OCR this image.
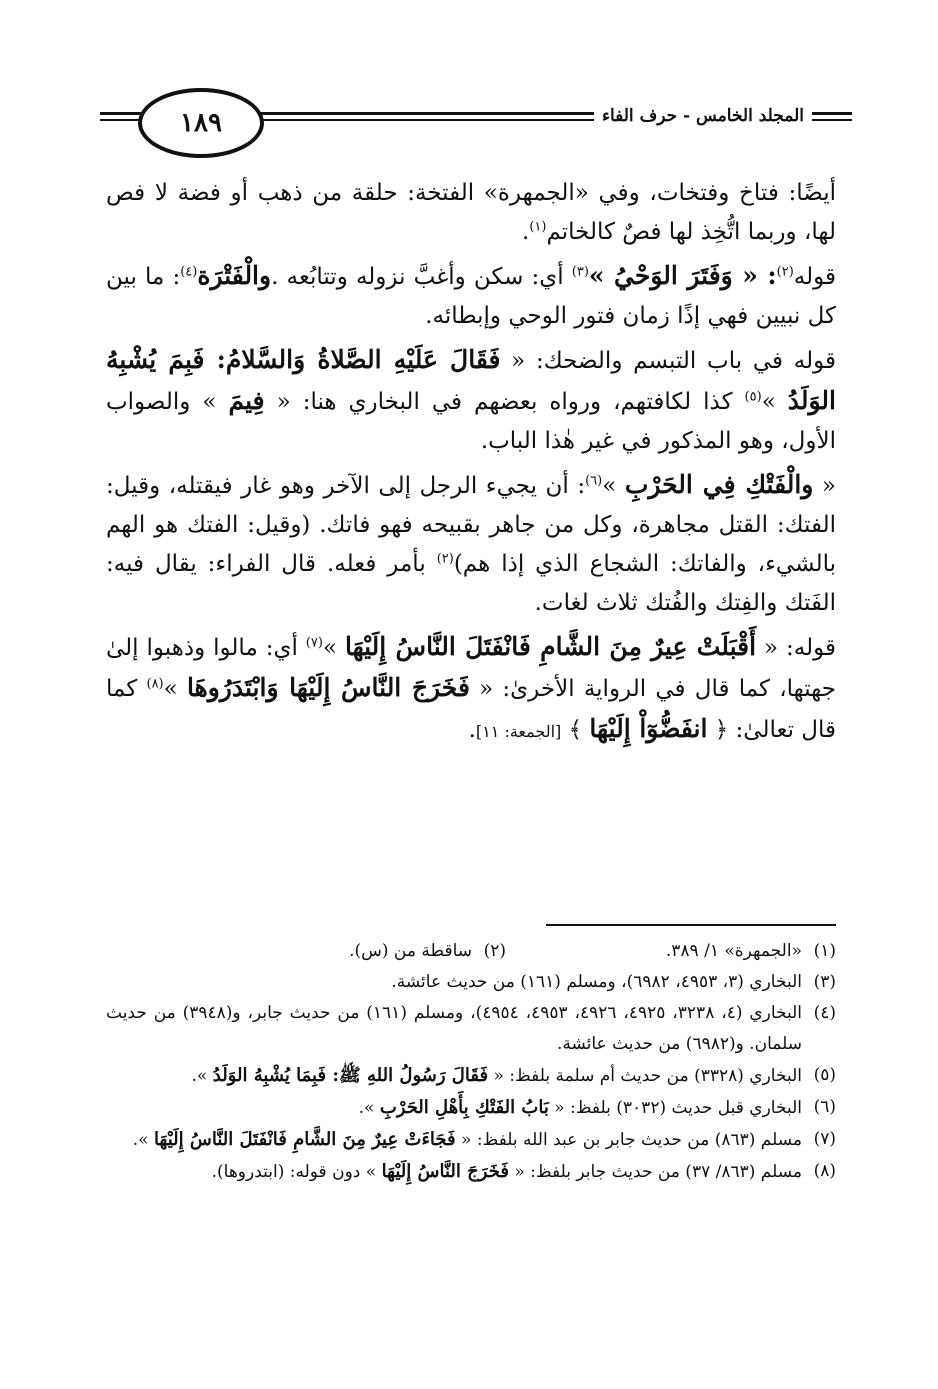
المجلد الخامس - حرف الفاء
١٨٩

أيضًا: فتاخ وفتخات، وفي «الجمهرة» الفتخة: حلقة من ذهب أو فضة لا فص لها، وربما اتُّخِذ لها فصٌ كالخاتم$^{(١)}$.

قوله$^{(٢)}$: « وَفَتَرَ الوَحْيُ »$^{(٣)}$ أي: سكن وأغبَّ نزوله وتتابُعه .والْفَتْرَة$^{(٤)}$: ما بين كل نبيين فهي إذًا زمان فتور الوحي وإبطائه.

قوله في باب التبسم والضحك: « فَقَالَ عَلَيْهِ الصَّلاةُ وَالسَّلامُ: فَبِمَ يُشْبِهُ الوَلَدُ »$^{(٥)}$ كذا لكافتهم، ورواه بعضهم في البخاري هنا: « فِيمَ » والصواب الأول، وهو المذكور في غير هٰذا الباب.

« والْفَتْكِ فِي الحَرْبِ »$^{(٦)}$: أن يجيء الرجل إلى الآخر وهو غار فيقتله، وقيل: الفتك: القتل مجاهرة، وكل من جاهر بقبيحه فهو فاتك. (وقيل: الفتك هو الهم بالشيء، والفاتك: الشجاع الذي إذا هم)$^{(٢)}$ بأمر فعله. قال الفراء: يقال فيه: الفَتك والفِتك والفُتك ثلاث لغات.

قوله: « أَقْبَلَتْ عِيرٌ مِنَ الشَّامِ فَانْفَتَلَ النَّاسُ إِلَيْهَا »$^{(٧)}$ أي: مالوا وذهبوا إلىٰ جهتها، كما قال في الرواية الأخرىٰ: « فَخَرَجَ النَّاسُ إِلَيْهَا وَابْتَدَرُوهَا »$^{(٨)}$ كما قال تعالىٰ: ﴿ انفَضُّوٓاْ إِلَيْهَا ﴾ [الجمعة: ١١].

(١)
«الجمهرة» ١/ ٣٨٩.
(٢)
ساقطة من (س).
(٣)
البخاري (٣، ٤٩٥٣، ٦٩٨٢)، ومسلم (١٦١) من حديث عائشة.
(٤)
البخاري (٤، ٣٢٣٨، ٤٩٢٥، ٤٩٢٦، ٤٩٥٣، ٤٩٥٤)، ومسلم (١٦١) من حديث جابر، و(٣٩٤٨) من حديث سلمان. و(٦٩٨٢) من حديث عائشة.
(٥)
البخاري (٣٣٢٨) من حديث أم سلمة بلفظ: « فَقَالَ رَسُولُ اللهِ ﷺ: فَبِمَا يُشْبِهُ الوَلَدُ ».
(٦)
البخاري قبل حديث (٣٠٣٢) بلفظ: « بَابُ الفَتْكِ بِأَهْلِ الحَرْبِ ».
(٧)
مسلم (٨٦٣) من حديث جابر بن عبد الله بلفظ: « فَجَاءَتْ عِيرٌ مِنَ الشَّامِ فَانْفَتَلَ النَّاسُ إِلَيْهَا ».
(٨)
مسلم (٨٦٣/ ٣٧) من حديث جابر بلفظ: « فَخَرَجَ النَّاسُ إِلَيْهَا » دون قوله: (ابتدروها).
